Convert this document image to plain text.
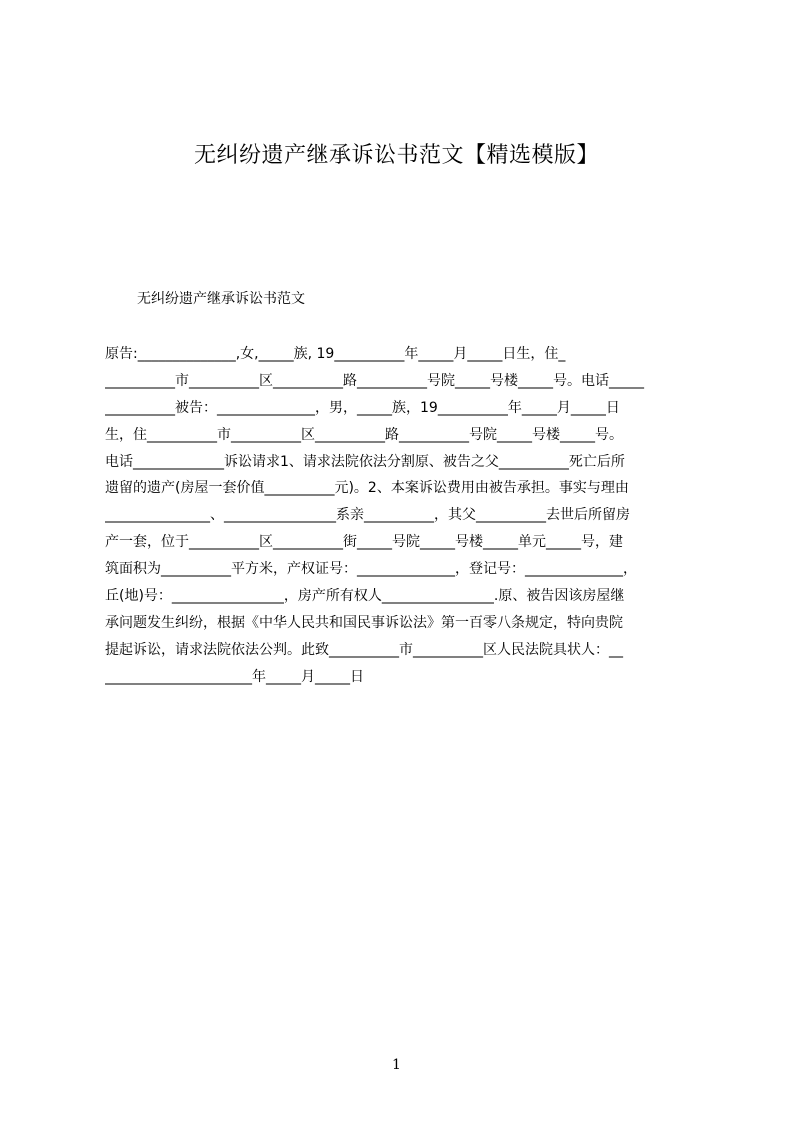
无纠纷遗产继承诉讼书范文【精选模版】
无纠纷遗产继承诉讼书范文
原告:______________,女,_____族, 19__________年_____月_____日生，住_
__________市__________区__________路__________号院_____号楼_____号。电话_____
__________被告：______________，男，_____族，19__________年_____月_____日
生，住__________市__________区__________路__________号院_____号楼_____号。
电话_____________诉讼请求1、请求法院依法分割原、被告之父__________死亡后所
遗留的遗产(房屋一套价值__________元)。2、本案诉讼费用由被告承担。事实与理由
_______________、________________系亲__________，其父__________去世后所留房
产一套，位于__________区__________街_____号院_____号楼_____单元_____号，建
筑面积为__________平方米，产权证号：______________，登记号：______________，
丘(地)号：________________，房产所有权人________________.原、被告因该房屋继
承问题发生纠纷，根据《中华人民共和国民事诉讼法》第一百零八条规定，特向贵院
提起诉讼，请求法院依法公判。此致__________市__________区人民法院具状人：__
_____________________年_____月_____日
1
